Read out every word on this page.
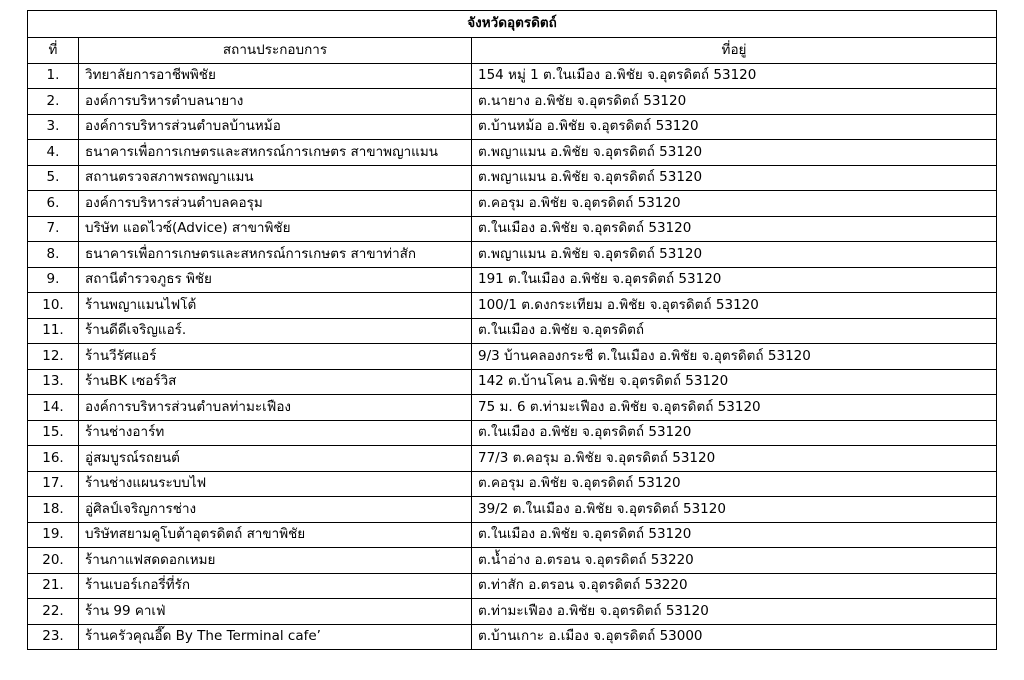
จังหวัดอุตรดิตถ์		
ที่	สถานประกอบการ	ที่อยู่
1.	วิทยาลัยการอาชีพพิชัย	154 หมู่ 1 ต.ในเมือง อ.พิชัย จ.อุตรดิตถ์ 53120
2.	องค์การบริหารตำบลนายาง	ต.นายาง อ.พิชัย จ.อุตรดิตถ์ 53120
3.	องค์การบริหารส่วนตำบลบ้านหม้อ	ต.บ้านหม้อ อ.พิชัย จ.อุตรดิตถ์ 53120
4.	ธนาคารเพื่อการเกษตรและสหกรณ์การเกษตร สาขาพญาแมน	ต.พญาแมน อ.พิชัย จ.อุตรดิตถ์ 53120
5.	สถานตรวจสภาพรถพญาแมน	ต.พญาแมน อ.พิชัย จ.อุตรดิตถ์ 53120
6.	องค์การบริหารส่วนตำบลคอรุม	ต.คอรุม อ.พิชัย จ.อุตรดิตถ์ 53120
7.	บริษัท แอดไวซ์(Advice) สาขาพิชัย	ต.ในเมือง อ.พิชัย จ.อุตรดิตถ์ 53120
8.	ธนาคารเพื่อการเกษตรและสหกรณ์การเกษตร สาขาท่าสัก	ต.พญาแมน อ.พิชัย จ.อุตรดิตถ์ 53120
9.	สถานีตำรวจภูธร พิชัย	191 ต.ในเมือง อ.พิชัย จ.อุตรดิตถ์ 53120
10.	ร้านพญาแมนไฟโต้	100/1 ต.ดงกระเทียม อ.พิชัย จ.อุตรดิตถ์ 53120
11.	ร้านดีดีเจริญแอร์.	ต.ในเมือง อ.พิชัย จ.อุตรดิตถ์
12.	ร้านวีรัศแอร์	9/3 บ้านคลองกระชี ต.ในเมือง อ.พิชัย จ.อุตรดิตถ์ 53120
13.	ร้านBK เซอร์วิส	142 ต.บ้านโคน อ.พิชัย จ.อุตรดิตถ์ 53120
14.	องค์การบริหารส่วนตำบลท่ามะเฟือง	75 ม. 6 ต.ท่ามะเฟือง อ.พิชัย จ.อุตรดิตถ์ 53120
15.	ร้านช่างอาร์ท	ต.ในเมือง อ.พิชัย จ.อุตรดิตถ์ 53120
16.	อู่สมบูรณ์รถยนต์	77/3 ต.คอรุม อ.พิชัย จ.อุตรดิตถ์ 53120
17.	ร้านช่างแผนระบบไฟ	ต.คอรุม อ.พิชัย จ.อุตรดิตถ์ 53120
18.	อู่ศิลป์เจริญการช่าง	39/2 ต.ในเมือง อ.พิชัย จ.อุตรดิตถ์ 53120
19.	บริษัทสยามคูโบต้าอุตรดิตถ์ สาขาพิชัย	ต.ในเมือง อ.พิชัย จ.อุตรดิตถ์ 53120
20.	ร้านกาแฟสดดอกเหมย	ต.น้ำอ่าง อ.ตรอน จ.อุตรดิตถ์ 53220
21.	ร้านเบอร์เกอรี่ที่รัก	ต.ท่าสัก อ.ตรอน จ.อุตรดิตถ์ 53220
22.	ร้าน 99 คาเฟ่	ต.ท่ามะเฟือง อ.พิชัย จ.อุตรดิตถ์ 53120
23.	ร้านครัวคุณอี๊ด By The Terminal cafe’	ต.บ้านเกาะ อ.เมือง จ.อุตรดิตถ์ 53000
